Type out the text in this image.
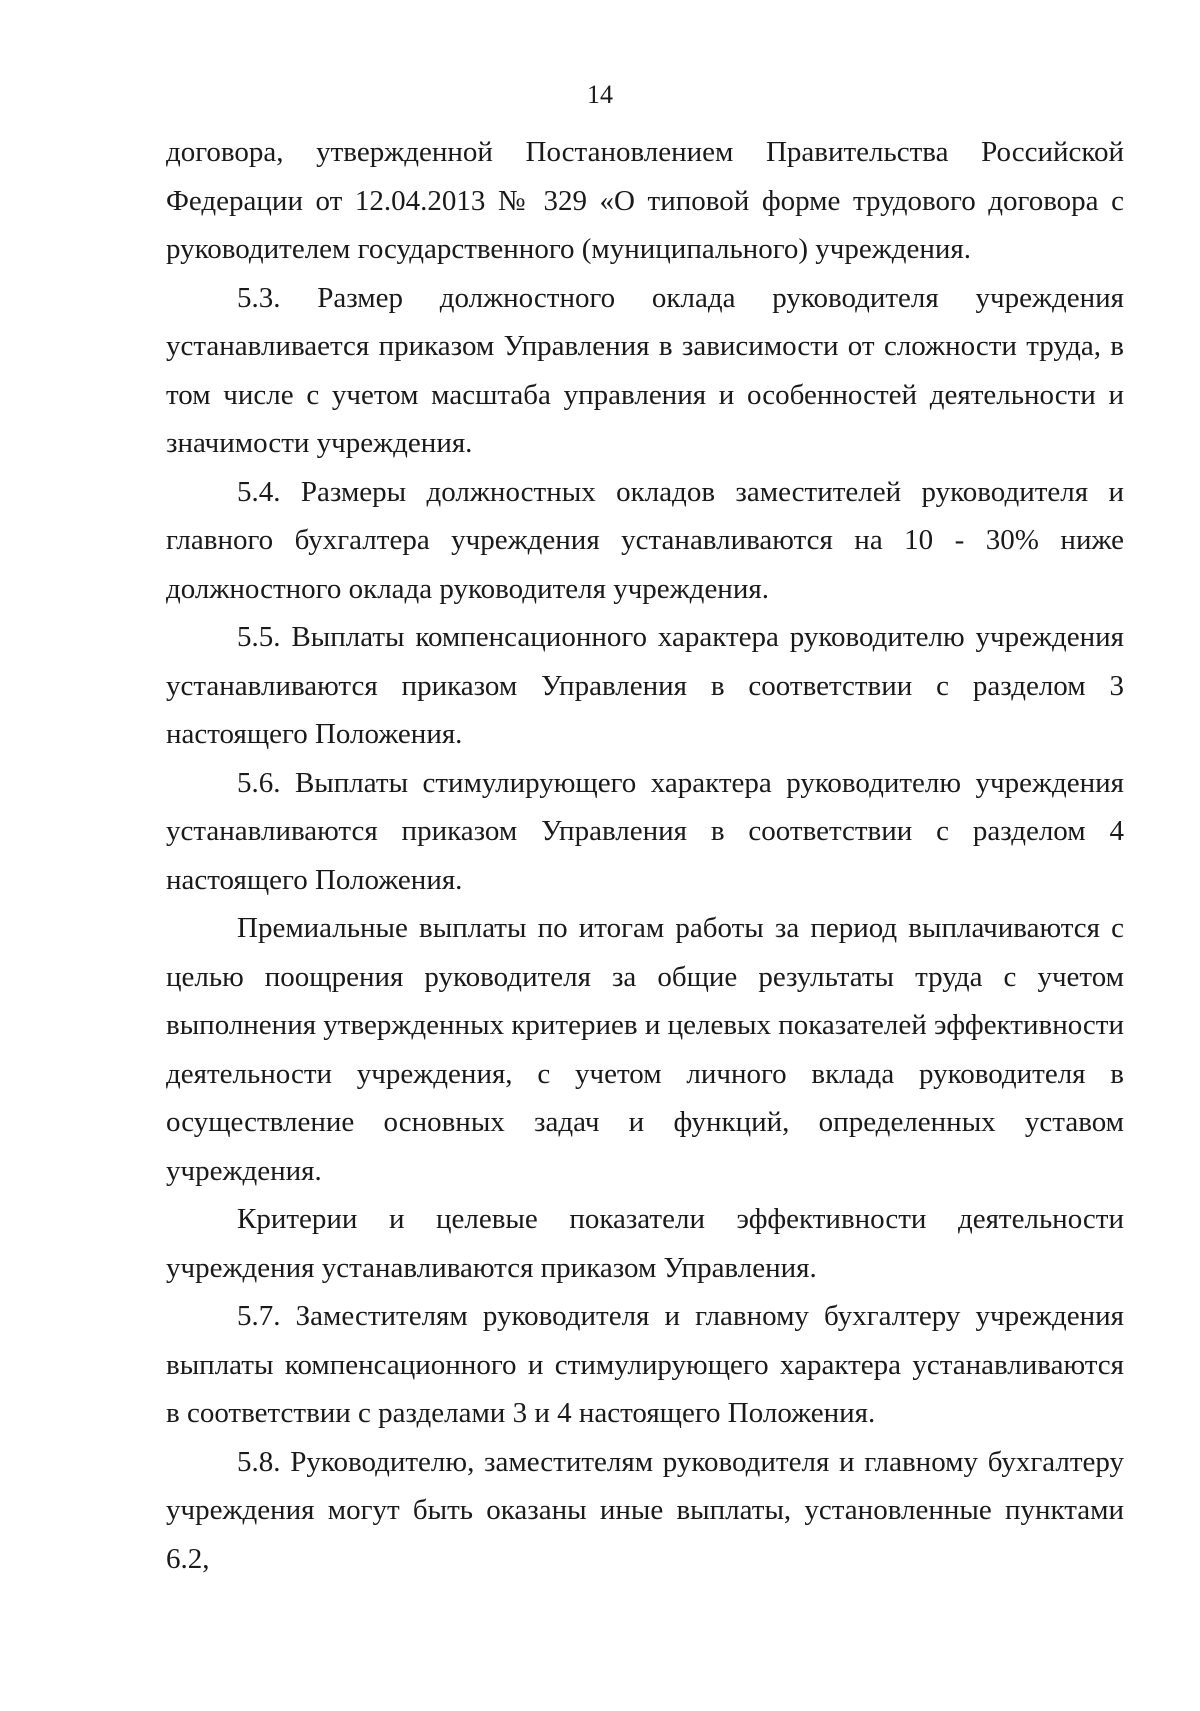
14

договора, утвержденной Постановлением Правительства Российской Федерации от 12.04.2013 № 329 «О типовой форме трудового договора с руководителем государственного (муниципального) учреждения.

5.3. Размер должностного оклада руководителя учреждения устанавливается приказом Управления в зависимости от сложности труда, в том числе с учетом масштаба управления и особенностей деятельности и значимости учреждения.

5.4. Размеры должностных окладов заместителей руководителя и главного бухгалтера учреждения устанавливаются на 10 - 30% ниже должностного оклада руководителя учреждения.

5.5. Выплаты компенсационного характера руководителю учреждения устанавливаются приказом Управления в соответствии с разделом 3 настоящего Положения.

5.6. Выплаты стимулирующего характера руководителю учреждения устанавливаются приказом Управления в соответствии с разделом 4 настоящего Положения.

Премиальные выплаты по итогам работы за период выплачиваются с целью поощрения руководителя за общие результаты труда с учетом выполнения утвержденных критериев и целевых показателей эффективности деятельности учреждения, с учетом личного вклада руководителя в осуществление основных задач и функций, определенных уставом учреждения.

Критерии и целевые показатели эффективности деятельности учреждения устанавливаются приказом Управления.

5.7. Заместителям руководителя и главному бухгалтеру учреждения выплаты компенсационного и стимулирующего характера устанавливаются в соответствии с разделами 3 и 4 настоящего Положения.

5.8. Руководителю, заместителям руководителя и главному бухгалтеру учреждения могут быть оказаны иные выплаты, установленные пунктами 6.2,
